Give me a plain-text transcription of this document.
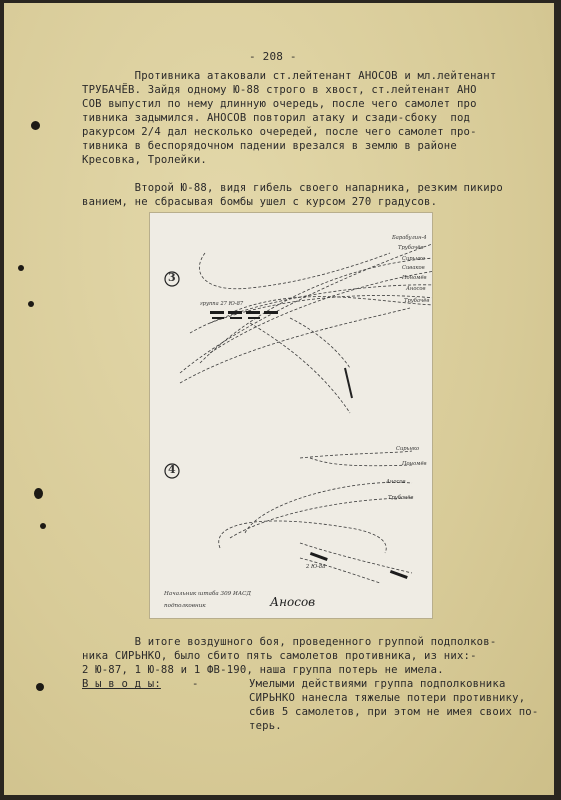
- 208 -
Противника атаковали ст.лейтенант АНОСОВ и мл.лейтенант
ТРУБАЧЁВ. Зайдя одному Ю-88 строго в хвост, ст.лейтенант АНО
СОВ выпустил по нему длинную очередь, после чего самолет про
тивника задымился. АНОСОВ повторил атаку и сзади-сбоку  под
ракурсом 2/4 дал несколько очередей, после чего самолет про-
тивника в беспорядочном падении врезался в землю в районе
Кресовка, Тролейки.
Второй Ю-88, видя гибель своего напарника, резким пикиро
ванием, не сбрасывая бомбы ушел с курсом 270 градусов.
3
4
Барабулин-4
Трубачёв
Сирьнко
Сиваков
Пономёв
Аносов
Трубачёв
группа 27 Ю-87
Сирьнко
Пономёв
Аносов
Трубачёв
2 Ю-88
Начальник штаба 309 ИАСД
подполковник	Аносов
В итоге воздушного боя, проведенного группой подполков-
ника СИРЬНКО, было сбито пять самолетов противника, из них:-
2 Ю-87, 1 Ю-88 и 1 ФВ-190, наша группа потерь не имела.
В ы в о д ы:	-	Умелыми действиями группа подполковника
СИРЬНКО нанесла тяжелые потери противнику,
сбив 5 самолетов, при этом не имея своих по-
терь.
